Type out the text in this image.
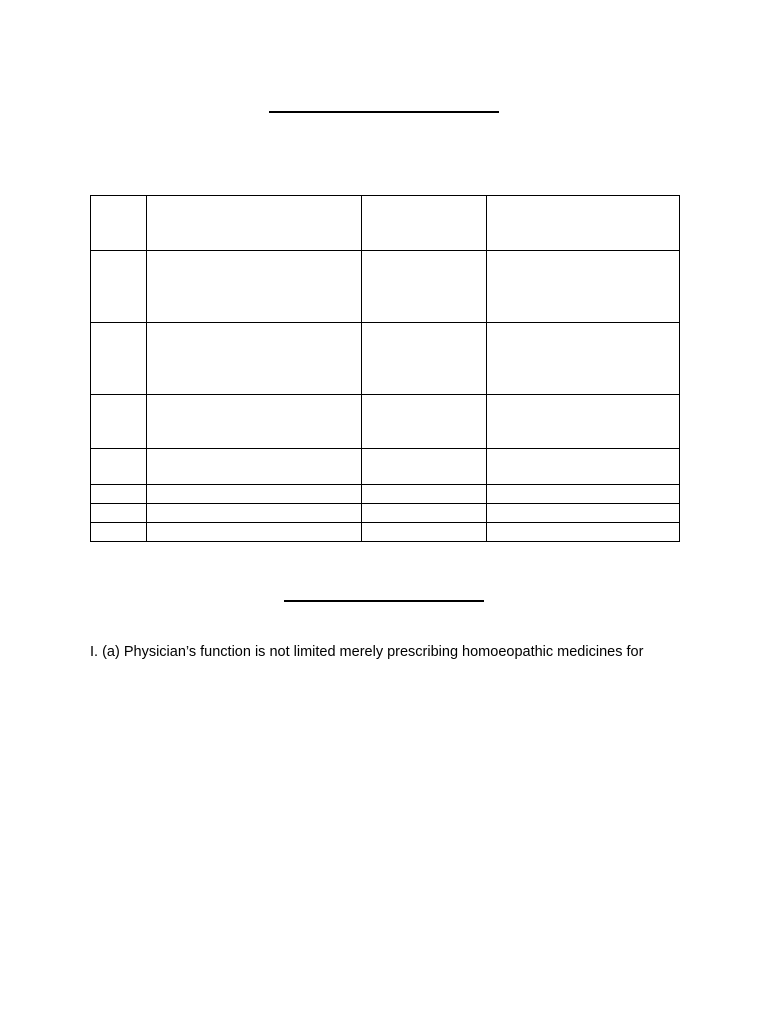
I. (a) Physician’s function is not limited merely prescribing homoeopathic medicines for
